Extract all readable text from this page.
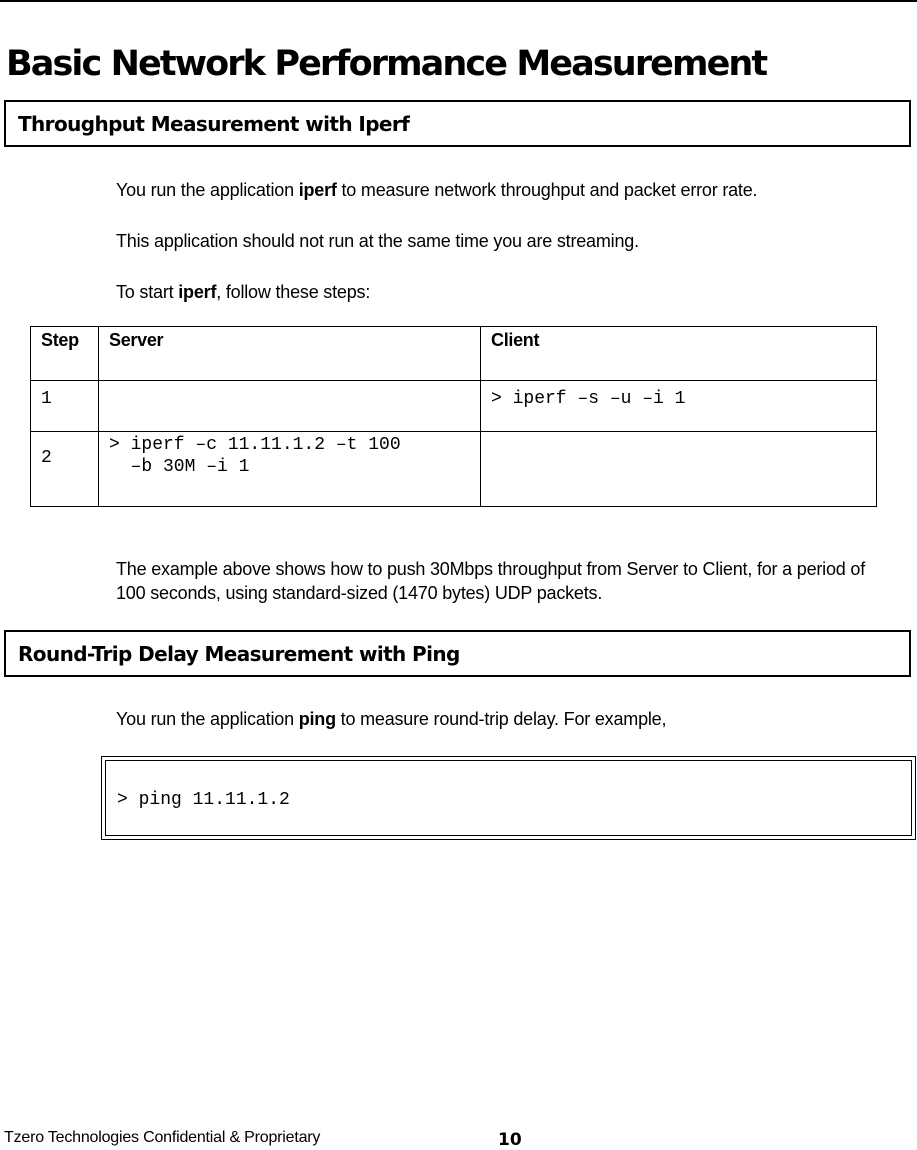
Basic Network Performance Measurement
Throughput Measurement with Iperf

You run the application iperf to measure network throughput and packet error rate.

This application should not run at the same time you are streaming.

To start iperf, follow these steps:

Step	Server	Client
1		> iperf –s –u –i 1
2	> iperf –c 11.11.1.2 –t 100
–b 30M –i 1	

The example above shows how to push 30Mbps throughput from Server to Client, for a period of 100 seconds, using standard-sized (1470 bytes) UDP packets.

Round-Trip Delay Measurement with Ping

You run the application ping to measure round-trip delay. For example,

> ping 11.11.1.2
Tzero Technologies Confidential & Proprietary	10
